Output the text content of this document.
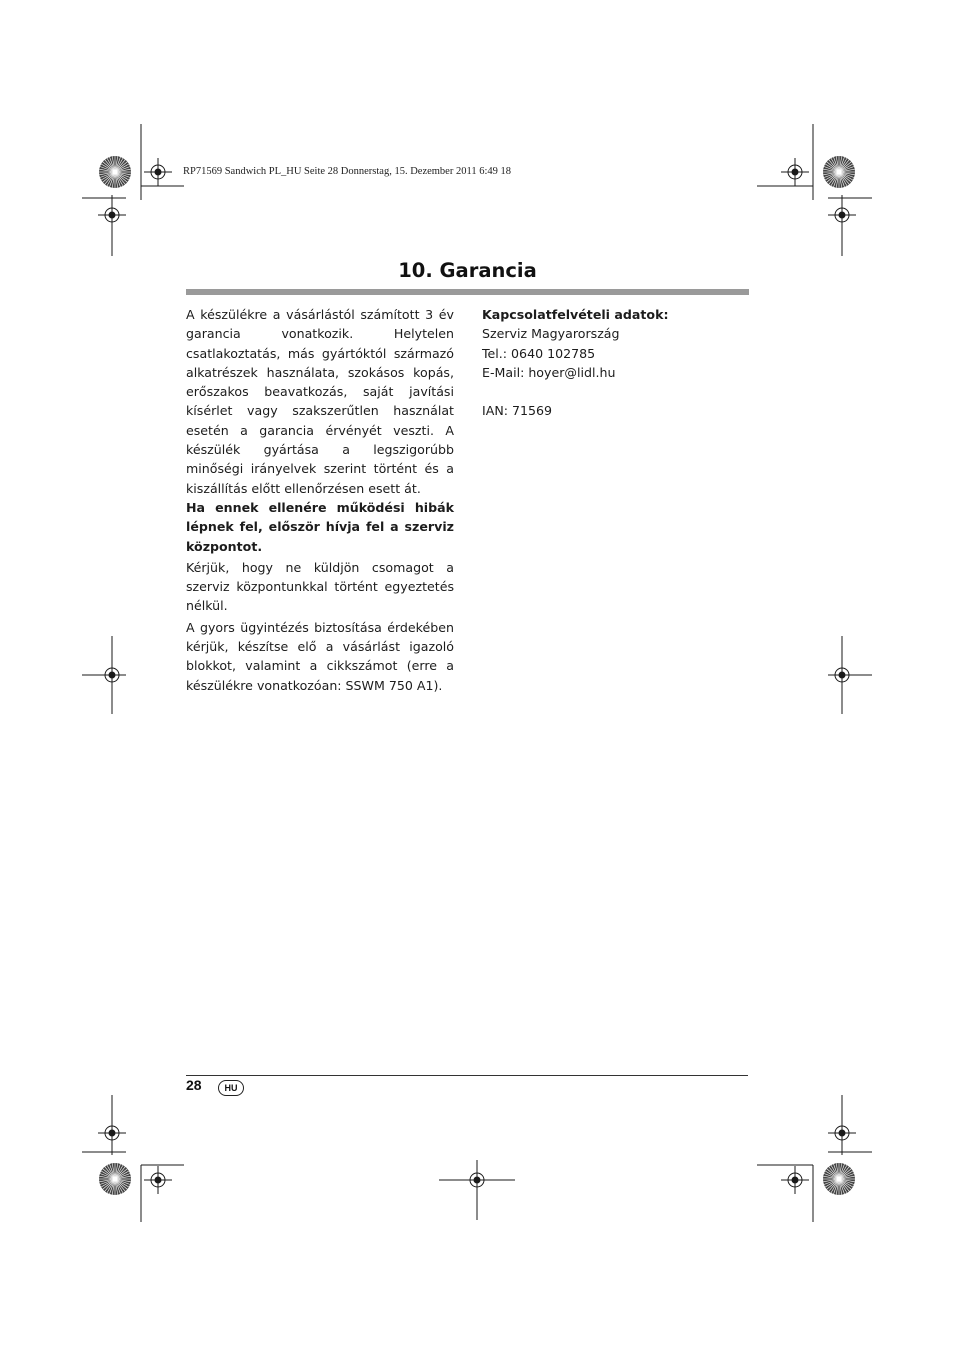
RP71569 Sandwich PL_HU Seite 28 Donnerstag, 15. Dezember 2011 6:49 18
10. Garancia

A készülékre a vásárlástól számított 3 év garancia vonatkozik. Helytelen csatlakoztatás, más gyártóktól származó alkatrészek használata, szokásos kopás, erőszakos beavatkozás, saját javítási kísérlet vagy szakszerűtlen használat esetén a garancia érvényét veszti. A készülék gyártása a legszigorúbb minőségi irányelvek szerint történt és a kiszállítás előtt ellenőrzésen esett át.

Ha ennek ellenére működési hibák lépnek fel, először hívja fel a szerviz központot.

Kérjük, hogy ne küldjön csomagot a szerviz központunkkal történt egyeztetés nélkül.

A gyors ügyintézés biztosítása érdekében kérjük, készítse elő a vásárlást igazoló blokkot, valamint a cikkszámot (erre a készülékre vonatkozóan: SSWM 750 A1).

Kapcsolatfelvételi adatok:

Szerviz Magyarország

Tel.: 0640 102785

E-Mail: hoyer@lidl.hu

IAN: 71569

28	HU
